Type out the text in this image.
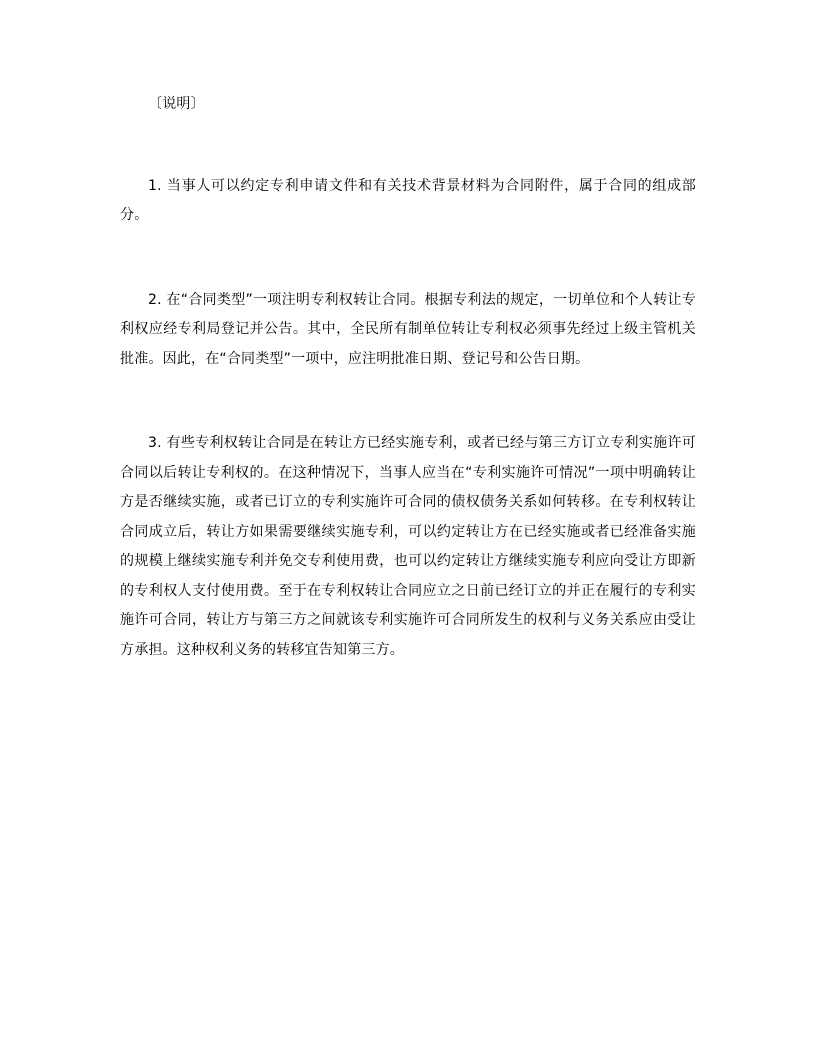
〔说明〕

1. 当事人可以约定专利申请文件和有关技术背景材料为合同附件，属于合同的组成部分。

2. 在“合同类型”一项注明专利权转让合同。根据专利法的规定，一切单位和个人转让专利权应经专利局登记并公告。其中，全民所有制单位转让专利权必须事先经过上级主管机关批准。因此，在“合同类型”一项中，应注明批准日期、登记号和公告日期。

3. 有些专利权转让合同是在转让方已经实施专利，或者已经与第三方订立专利实施许可合同以后转让专利权的。在这种情况下，当事人应当在“专利实施许可情况”一项中明确转让方是否继续实施，或者已订立的专利实施许可合同的债权债务关系如何转移。在专利权转让合同成立后，转让方如果需要继续实施专利，可以约定转让方在已经实施或者已经准备实施的规模上继续实施专利并免交专利使用费，也可以约定转让方继续实施专利应向受让方即新的专利权人支付使用费。至于在专利权转让合同应立之日前已经订立的并正在履行的专利实施许可合同，转让方与第三方之间就该专利实施许可合同所发生的权利与义务关系应由受让方承担。这种权利义务的转移宜告知第三方。
